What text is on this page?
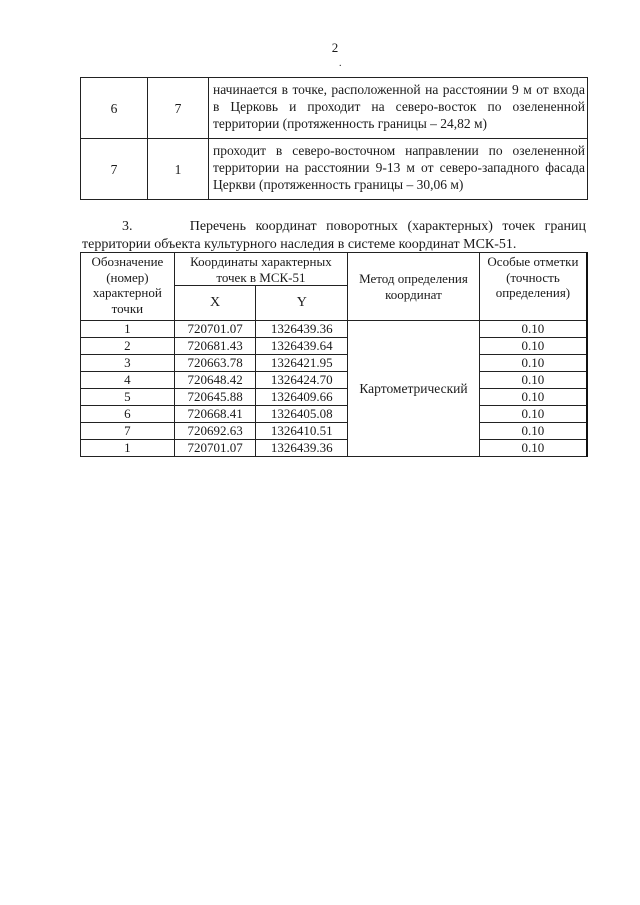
2
.
6	7	начинается в точке, расположенной на расстоянии 9 м от входа в Церковь и проходит на северо-восток по озелененной территории (протяженность границы – 24,82 м)
7	1	проходит в северо-восточном направлении по озелененной территории на расстоянии 9-13 м от северо-западного фасада Церкви (протяженность границы – 30,06 м)

3.	Перечень координат поворотных (характерных) точек границ территории объекта культурного наследия в системе координат МСК-51.

Обозначение (номер) характерной точки	Координаты характерных точек в МСК-51		Метод определения координат	Особые отметки (точность определения)
	X	Y		
1	720701.07	1326439.36	Картометрический	0.10
2	720681.43	1326439.64		0.10
3	720663.78	1326421.95		0.10
4	720648.42	1326424.70		0.10
5	720645.88	1326409.66		0.10
6	720668.41	1326405.08		0.10
7	720692.63	1326410.51		0.10
1	720701.07	1326439.36		0.10
